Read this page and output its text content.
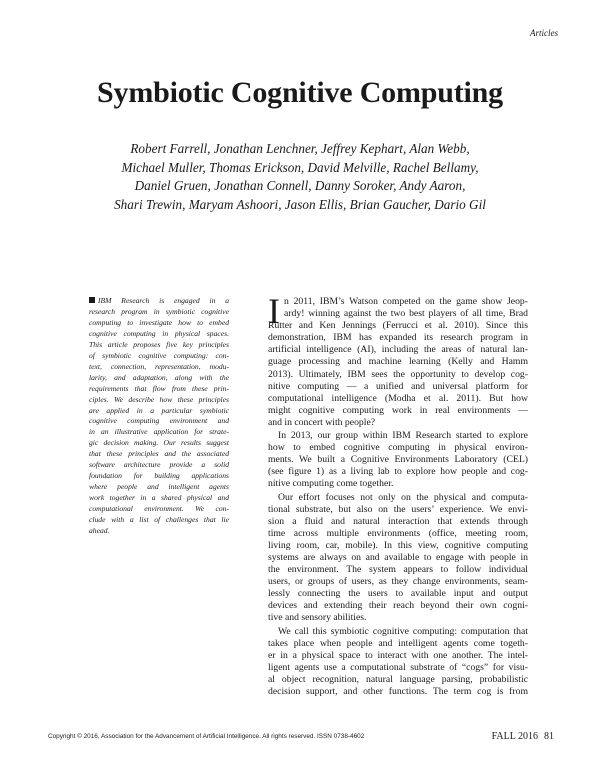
Articles
Symbiotic Cognitive Computing
Robert Farrell, Jonathan Lenchner, Jeffrey Kephart, Alan Webb,
Michael Muller, Thomas Erickson, David Melville, Rachel Bellamy,
Daniel Gruen, Jonathan Connell, Danny Soroker, Andy Aaron,
Shari Trewin, Maryam Ashoori, Jason Ellis, Brian Gaucher, Dario Gil
IBM Research is engaged in a
research program in symbiotic cognitive
computing to investigate how to embed
cognitive computing in physical spaces.
This article proposes five key principles
of symbiotic cognitive computing: con-
text, connection, representation, modu-
larity, and adaptation, along with the
requirements that flow from these prin-
ciples. We describe how these principles
are applied in a particular symbiotic
cognitive computing environment and
in an illustrative application for strate-
gic decision making. Our results suggest
that these principles and the associated
software architecture provide a solid
foundation for building applications
where people and intelligent agents
work together in a shared physical and
computational environment. We con-
clude with a list of challenges that lie
ahead.
I n 2011, IBM’s Watson competed on the game show Jeop-
ardy! winning against the two best players of all time, Brad
Rutter and Ken Jennings (Ferrucci et al. 2010). Since this
demonstration, IBM has expanded its research program in
artificial intelligence (AI), including the areas of natural lan-
guage processing and machine learning (Kelly and Hamm
2013). Ultimately, IBM sees the opportunity to develop cog-
nitive computing — a unified and universal platform for
computational intelligence (Modha et al. 2011). But how
might cognitive computing work in real environments —
and in concert with people?
In 2013, our group within IBM Research started to explore
how to embed cognitive computing in physical environ-
ments. We built a Cognitive Environments Laboratory (CEL)
(see figure 1) as a living lab to explore how people and cog-
nitive computing come together.
Our effort focuses not only on the physical and computa-
tional substrate, but also on the users’ experience. We envi-
sion a fluid and natural interaction that extends through
time across multiple environments (office, meeting room,
living room, car, mobile). In this view, cognitive computing
systems are always on and available to engage with people in
the environment. The system appears to follow individual
users, or groups of users, as they change environments, seam-
lessly connecting the users to available input and output
devices and extending their reach beyond their own cogni-
tive and sensory abilities.
We call this symbiotic cognitive computing: computation that
takes place when people and intelligent agents come togeth-
er in a physical space to interact with one another. The intel-
ligent agents use a computational substrate of “cogs” for visu-
al object recognition, natural language parsing, probabilistic
decision support, and other functions. The term cog is from
Copyright © 2016, Association for the Advancement of Artificial Intelligence. All rights reserved. ISSN 0738-4602	FALL 2016 81
